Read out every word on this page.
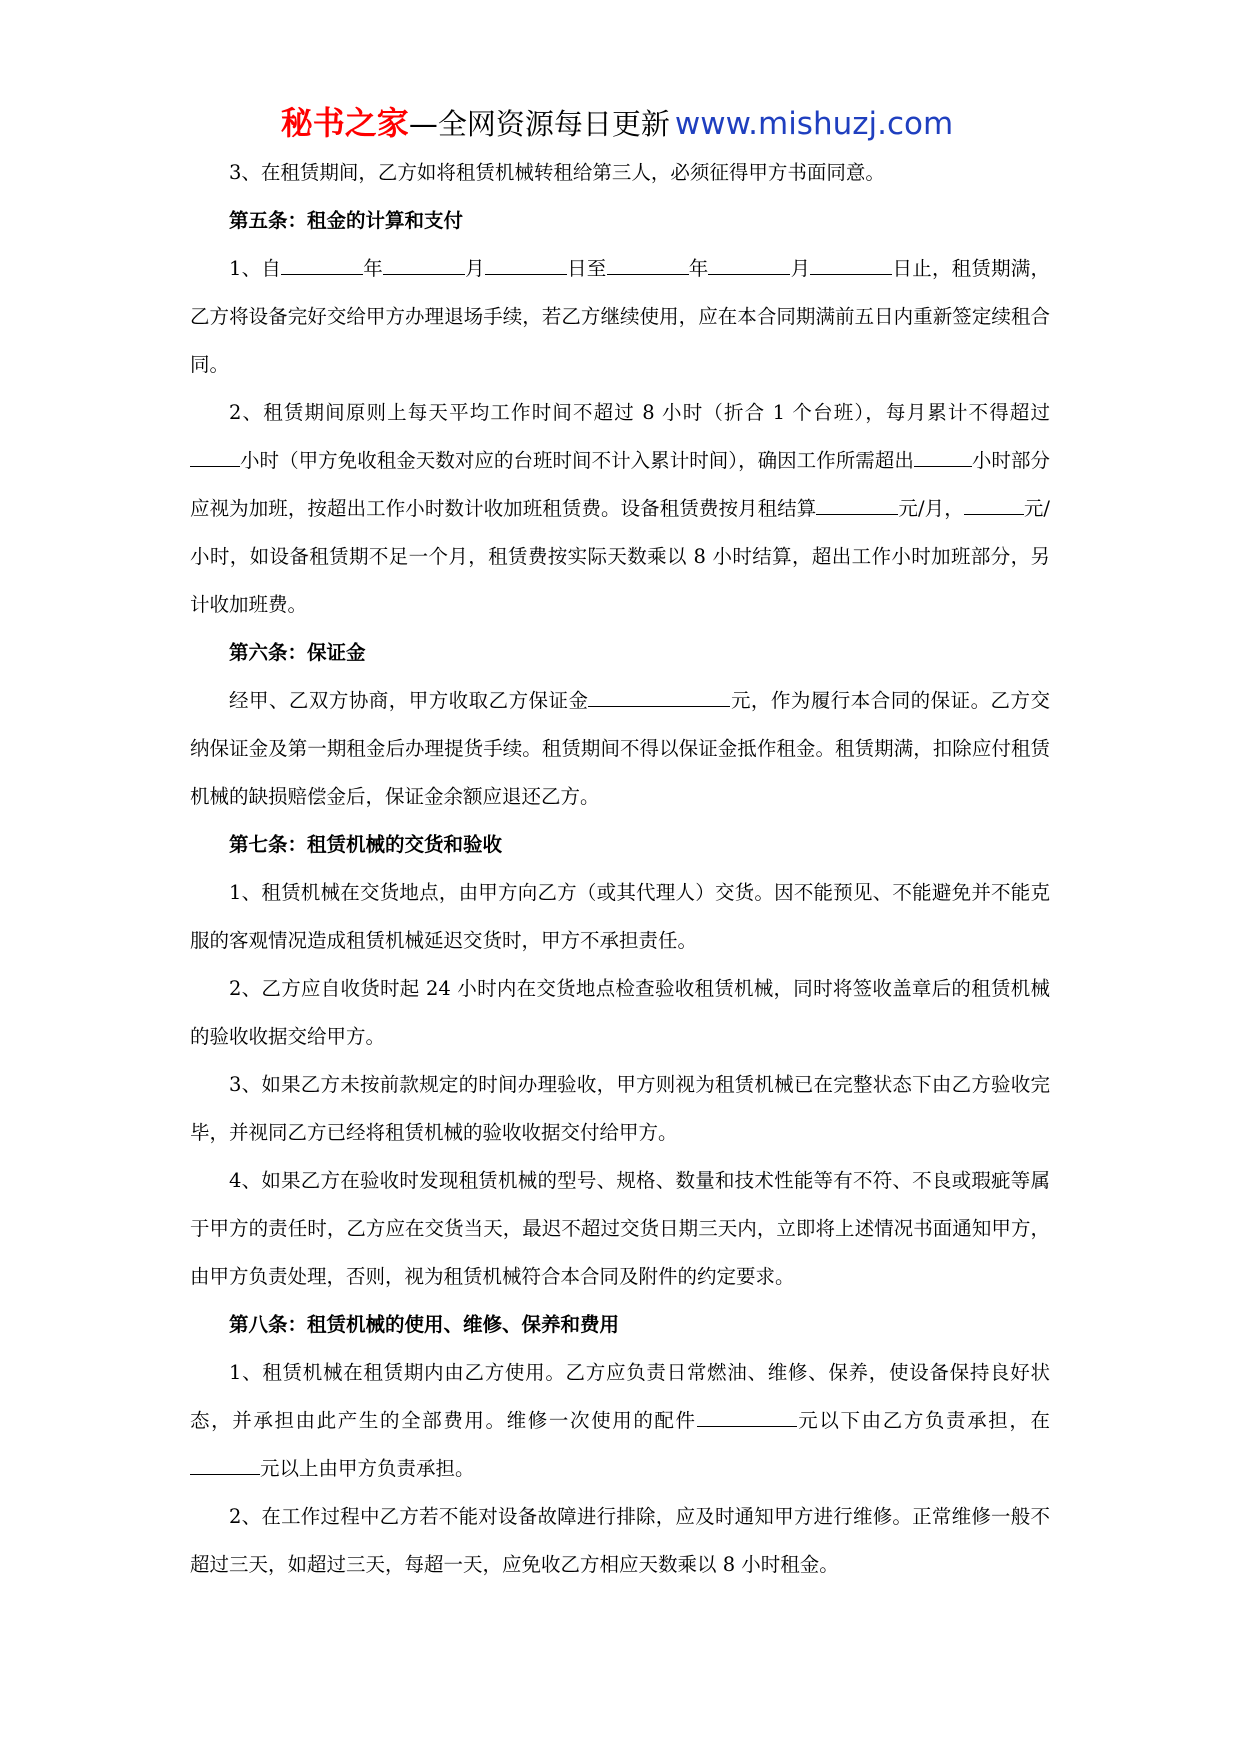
秘书之家—全网资源每日更新 www.mishuzj.com

3、在租赁期间，乙方如将租赁机械转租给第三人，必须征得甲方书面同意。

第五条：租金的计算和支付

1、自	年	月	日至	年	月	日止，租赁期满，乙方将设备完好交给甲方办理退场手续，若乙方继续使用，应在本合同期满前五日内重新签定续租合同。

2、租赁期间原则上每天平均工作时间不超过 8 小时（折合 1 个台班），每月累计不得超过小时（甲方免收租金天数对应的台班时间不计入累计时间），确因工作所需超出	小时部分应视为加班，按超出工作小时数计收加班租赁费。设备租赁费按月租结算	元/月，	元/小时，如设备租赁期不足一个月，租赁费按实际天数乘以 8 小时结算，超出工作小时加班部分，另计收加班费。

第六条：保证金

经甲、乙双方协商，甲方收取乙方保证金	元，作为履行本合同的保证。乙方交纳保证金及第一期租金后办理提货手续。租赁期间不得以保证金抵作租金。租赁期满，扣除应付租赁机械的缺损赔偿金后，保证金余额应退还乙方。

第七条：租赁机械的交货和验收

1、租赁机械在交货地点，由甲方向乙方（或其代理人）交货。因不能预见、不能避免并不能克服的客观情况造成租赁机械延迟交货时，甲方不承担责任。

2、乙方应自收货时起 24 小时内在交货地点检查验收租赁机械，同时将签收盖章后的租赁机械的验收收据交给甲方。

3、如果乙方未按前款规定的时间办理验收，甲方则视为租赁机械已在完整状态下由乙方验收完毕，并视同乙方已经将租赁机械的验收收据交付给甲方。

4、如果乙方在验收时发现租赁机械的型号、规格、数量和技术性能等有不符、不良或瑕疵等属于甲方的责任时，乙方应在交货当天，最迟不超过交货日期三天内，立即将上述情况书面通知甲方，由甲方负责处理，否则，视为租赁机械符合本合同及附件的约定要求。

第八条：租赁机械的使用、维修、保养和费用

1、租赁机械在租赁期内由乙方使用。乙方应负责日常燃油、维修、保养，使设备保持良好状态，并承担由此产生的全部费用。维修一次使用的配件	元以下由乙方负责承担，在元以上由甲方负责承担。

2、在工作过程中乙方若不能对设备故障进行排除，应及时通知甲方进行维修。正常维修一般不超过三天，如超过三天，每超一天，应免收乙方相应天数乘以 8 小时租金。
